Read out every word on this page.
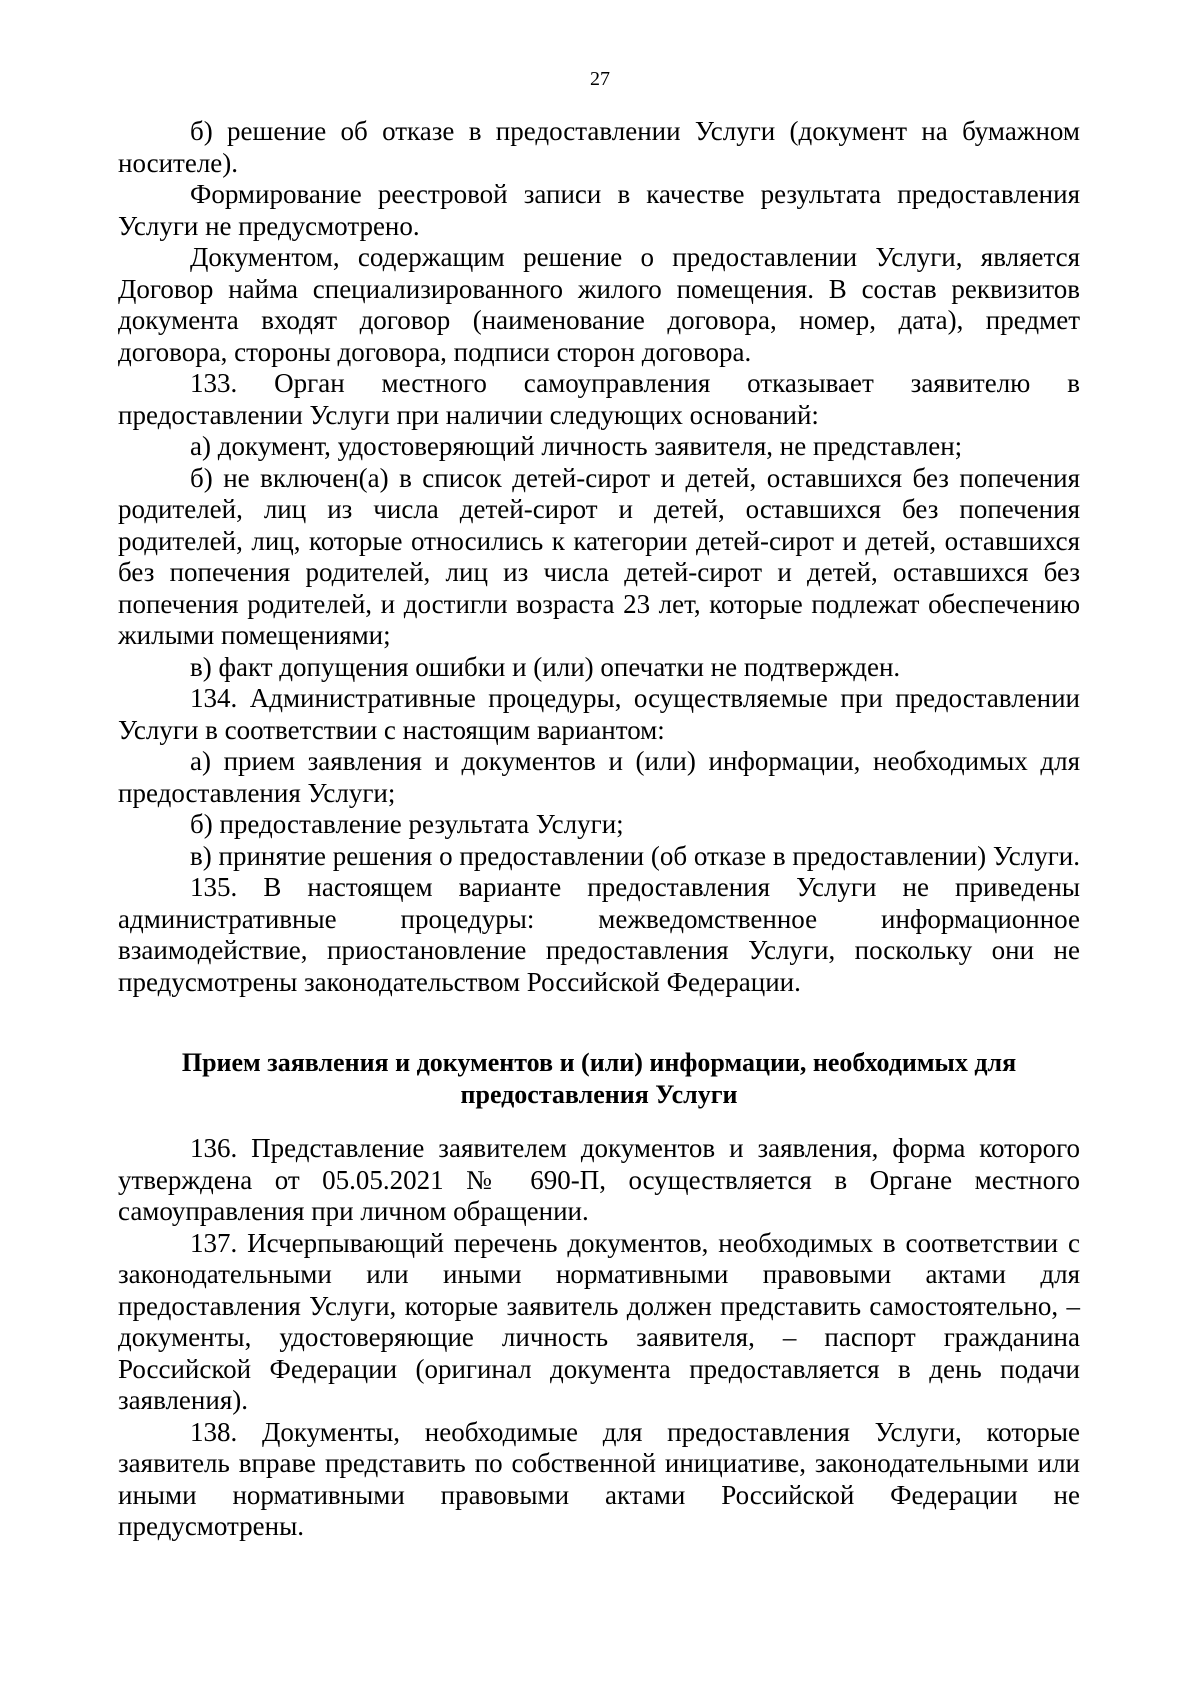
27

б) решение об отказе в предоставлении Услуги (документ на бумажном носителе).

Формирование реестровой записи в качестве результата предоставления Услуги не предусмотрено.

Документом, содержащим решение о предоставлении Услуги, является Договор найма специализированного жилого помещения. В состав реквизитов документа входят договор (наименование договора, номер, дата), предмет договора, стороны договора, подписи сторон договора.

133. Орган местного самоуправления отказывает заявителю в предоставлении Услуги при наличии следующих оснований:

а) документ, удостоверяющий личность заявителя, не представлен;

б) не включен(а) в список детей-сирот и детей, оставшихся без попечения родителей, лиц из числа детей-сирот и детей, оставшихся без попечения родителей, лиц, которые относились к категории детей-сирот и детей, оставшихся без попечения родителей, лиц из числа детей-сирот и детей, оставшихся без попечения родителей, и достигли возраста 23 лет, которые подлежат обеспечению жилыми помещениями;

в) факт допущения ошибки и (или) опечатки не подтвержден.

134. Административные процедуры, осуществляемые при предоставлении Услуги в соответствии с настоящим вариантом:

а) прием заявления и документов и (или) информации, необходимых для предоставления Услуги;

б) предоставление результата Услуги;

в) принятие решения о предоставлении (об отказе в предоставлении) Услуги.

135. В настоящем варианте предоставления Услуги не приведены административные процедуры: межведомственное информационное взаимодействие, приостановление предоставления Услуги, поскольку они не предусмотрены законодательством Российской Федерации.

Прием заявления и документов и (или) информации, необходимых для
предоставления Услуги

136. Представление заявителем документов и заявления, форма которого утверждена от 05.05.2021 № 690-П, осуществляется в Органе местного самоуправления при личном обращении.

137. Исчерпывающий перечень документов, необходимых в соответствии с законодательными или иными нормативными правовыми актами для предоставления Услуги, которые заявитель должен представить самостоятельно, – документы, удостоверяющие личность заявителя, – паспорт гражданина Российской Федерации (оригинал документа предоставляется в день подачи заявления).

138. Документы, необходимые для предоставления Услуги, которые заявитель вправе представить по собственной инициативе, законодательными или иными нормативными правовыми актами Российской Федерации не предусмотрены.
